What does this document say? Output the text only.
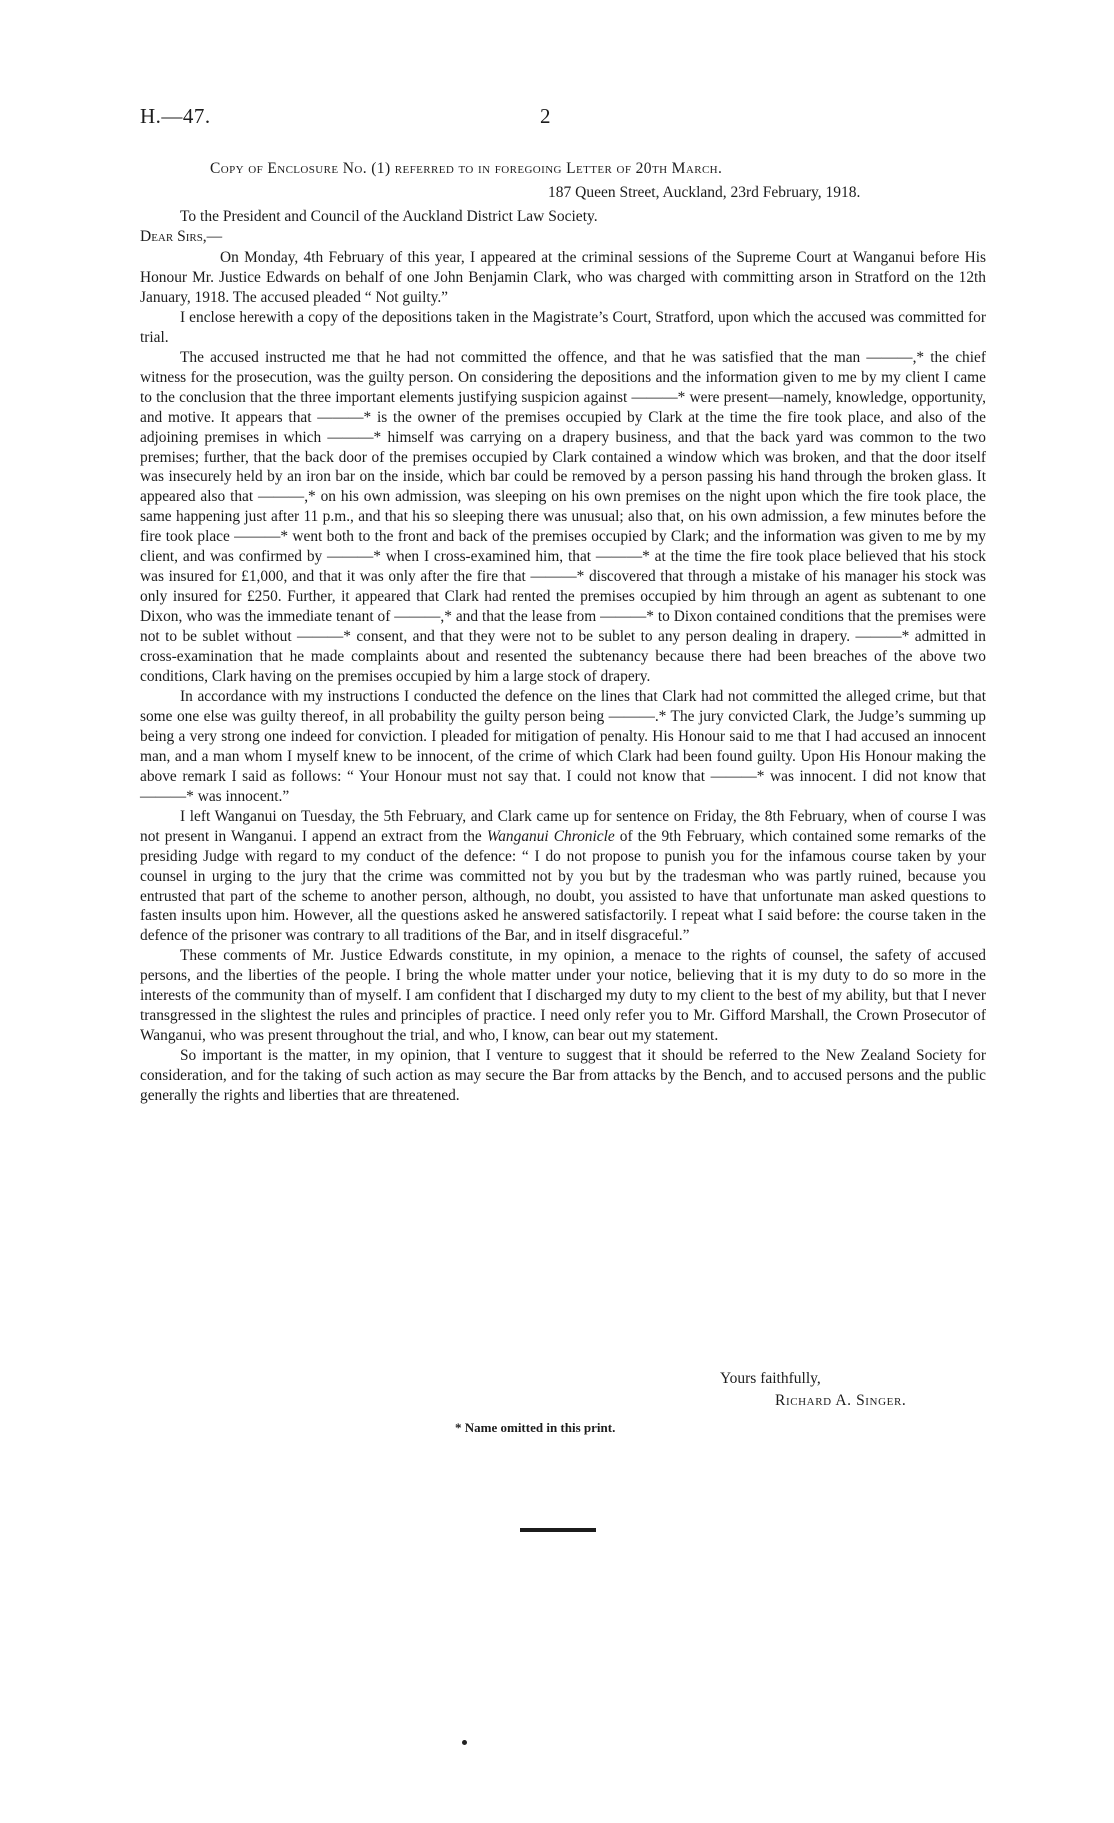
H.—47.	2
Copy of Enclosure No. (1) referred to in foregoing Letter of 20th March.
187 Queen Street, Auckland, 23rd February, 1918.
To the President and Council of the Auckland District Law Society.
Dear Sirs,—

On Monday, 4th February of this year, I appeared at the criminal sessions of the Supreme Court at Wanganui before His Honour Mr. Justice Edwards on behalf of one John Benjamin Clark, who was charged with committing arson in Stratford on the 12th January, 1918. The accused pleaded “ Not guilty.”

I enclose herewith a copy of the depositions taken in the Magistrate’s Court, Stratford, upon which the accused was committed for trial.

The accused instructed me that he had not committed the offence, and that he was satisfied that the man ———,* the chief witness for the prosecution, was the guilty person. On considering the depositions and the information given to me by my client I came to the conclusion that the three important elements justifying suspicion against ———* were present—namely, knowledge, opportunity, and motive. It appears that ———* is the owner of the premises occupied by Clark at the time the fire took place, and also of the adjoining premises in which ———* himself was carrying on a drapery business, and that the back yard was common to the two premises; further, that the back door of the premises occupied by Clark contained a window which was broken, and that the door itself was insecurely held by an iron bar on the inside, which bar could be removed by a person passing his hand through the broken glass. It appeared also that ———,* on his own admission, was sleeping on his own premises on the night upon which the fire took place, the same happening just after 11 p.m., and that his so sleeping there was unusual; also that, on his own admission, a few minutes before the fire took place ———* went both to the front and back of the premises occupied by Clark; and the information was given to me by my client, and was confirmed by ———* when I cross-examined him, that ———* at the time the fire took place believed that his stock was insured for £1,000, and that it was only after the fire that ———* discovered that through a mistake of his manager his stock was only insured for £250. Further, it appeared that Clark had rented the premises occupied by him through an agent as subtenant to one Dixon, who was the immediate tenant of ———,* and that the lease from ———* to Dixon contained conditions that the premises were not to be sublet without ———* consent, and that they were not to be sublet to any person dealing in drapery. ———* admitted in cross-examination that he made complaints about and resented the subtenancy because there had been breaches of the above two conditions, Clark having on the premises occupied by him a large stock of drapery.

In accordance with my instructions I conducted the defence on the lines that Clark had not committed the alleged crime, but that some one else was guilty thereof, in all probability the guilty person being ———.* The jury convicted Clark, the Judge’s summing up being a very strong one indeed for conviction. I pleaded for mitigation of penalty. His Honour said to me that I had accused an innocent man, and a man whom I myself knew to be innocent, of the crime of which Clark had been found guilty. Upon His Honour making the above remark I said as follows: “ Your Honour must not say that. I could not know that ———* was innocent. I did not know that ———* was innocent.”

I left Wanganui on Tuesday, the 5th February, and Clark came up for sentence on Friday, the 8th February, when of course I was not present in Wanganui. I append an extract from the Wanganui Chronicle of the 9th February, which contained some remarks of the presiding Judge with regard to my conduct of the defence: “ I do not propose to punish you for the infamous course taken by your counsel in urging to the jury that the crime was committed not by you but by the tradesman who was partly ruined, because you entrusted that part of the scheme to another person, although, no doubt, you assisted to have that unfortunate man asked questions to fasten insults upon him. However, all the questions asked he answered satisfactorily. I repeat what I said before: the course taken in the defence of the prisoner was contrary to all traditions of the Bar, and in itself disgraceful.”

These comments of Mr. Justice Edwards constitute, in my opinion, a menace to the rights of counsel, the safety of accused persons, and the liberties of the people. I bring the whole matter under your notice, believing that it is my duty to do so more in the interests of the community than of myself. I am confident that I discharged my duty to my client to the best of my ability, but that I never transgressed in the slightest the rules and principles of practice. I need only refer you to Mr. Gifford Marshall, the Crown Prosecutor of Wanganui, who was present throughout the trial, and who, I know, can bear out my statement.

So important is the matter, in my opinion, that I venture to suggest that it should be referred to the New Zealand Society for consideration, and for the taking of such action as may secure the Bar from attacks by the Bench, and to accused persons and the public generally the rights and liberties that are threatened.

Yours faithfully,
Richard A. Singer.
* Name omitted in this print.
